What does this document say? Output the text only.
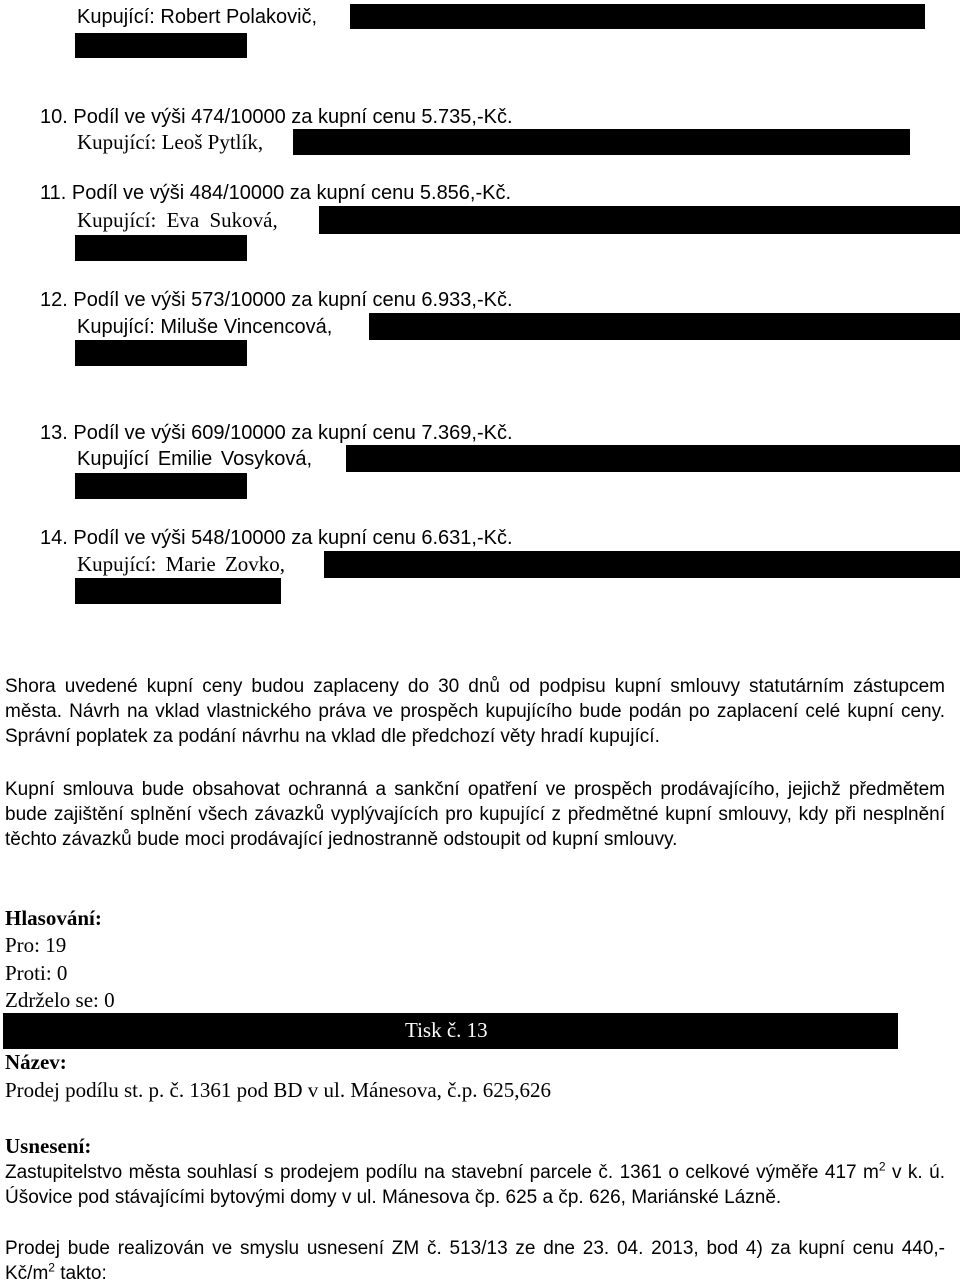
Kupující: Robert Polakovič,
10. Podíl ve výši 474/10000 za kupní cenu 5.735,-Kč.
Kupující: Leoš Pytlík,
11. Podíl ve výši 484/10000 za kupní cenu 5.856,-Kč.
Kupující: Eva Suková,
12. Podíl ve výši 573/10000 za kupní cenu 6.933,-Kč.
Kupující: Miluše Vincencová,
13. Podíl ve výši 609/10000 za kupní cenu 7.369,-Kč.
Kupující Emilie Vosyková,
14. Podíl ve výši 548/10000 za kupní cenu 6.631,-Kč.
Kupující: Marie Zovko,
Shora uvedené kupní ceny budou zaplaceny do 30 dnů od podpisu kupní smlouvy statutárním zástupcem města. Návrh na vklad vlastnického práva ve prospěch kupujícího bude podán po zaplacení celé kupní ceny. Správní poplatek za podání návrhu na vklad dle předchozí věty hradí kupující.
Kupní smlouva bude obsahovat ochranná a sankční opatření ve prospěch prodávajícího, jejichž předmětem bude zajištění splnění všech závazků vyplývajících pro kupující z předmětné kupní smlouvy, kdy při nesplnění těchto závazků bude moci prodávající jednostranně odstoupit od kupní smlouvy.
Hlasování:
Pro: 19
Proti: 0
Zdrželo se: 0
Tisk č. 13
Název:
Prodej podílu st. p. č. 1361 pod BD v ul. Mánesova, č.p. 625,626
Usnesení:
Zastupitelstvo města souhlasí s prodejem podílu na stavební parcele č. 1361 o celkové výměře 417 $m^2$ v k. ú. Úšovice pod stávajícími bytovými domy v ul. Mánesova čp. 625 a čp. 626, Mariánské Lázně.
Prodej bude realizován ve smyslu usnesení ZM č. 513/13 ze dne 23. 04. 2013, bod 4) za kupní cenu 440,- $Kč/m^2$ takto:
